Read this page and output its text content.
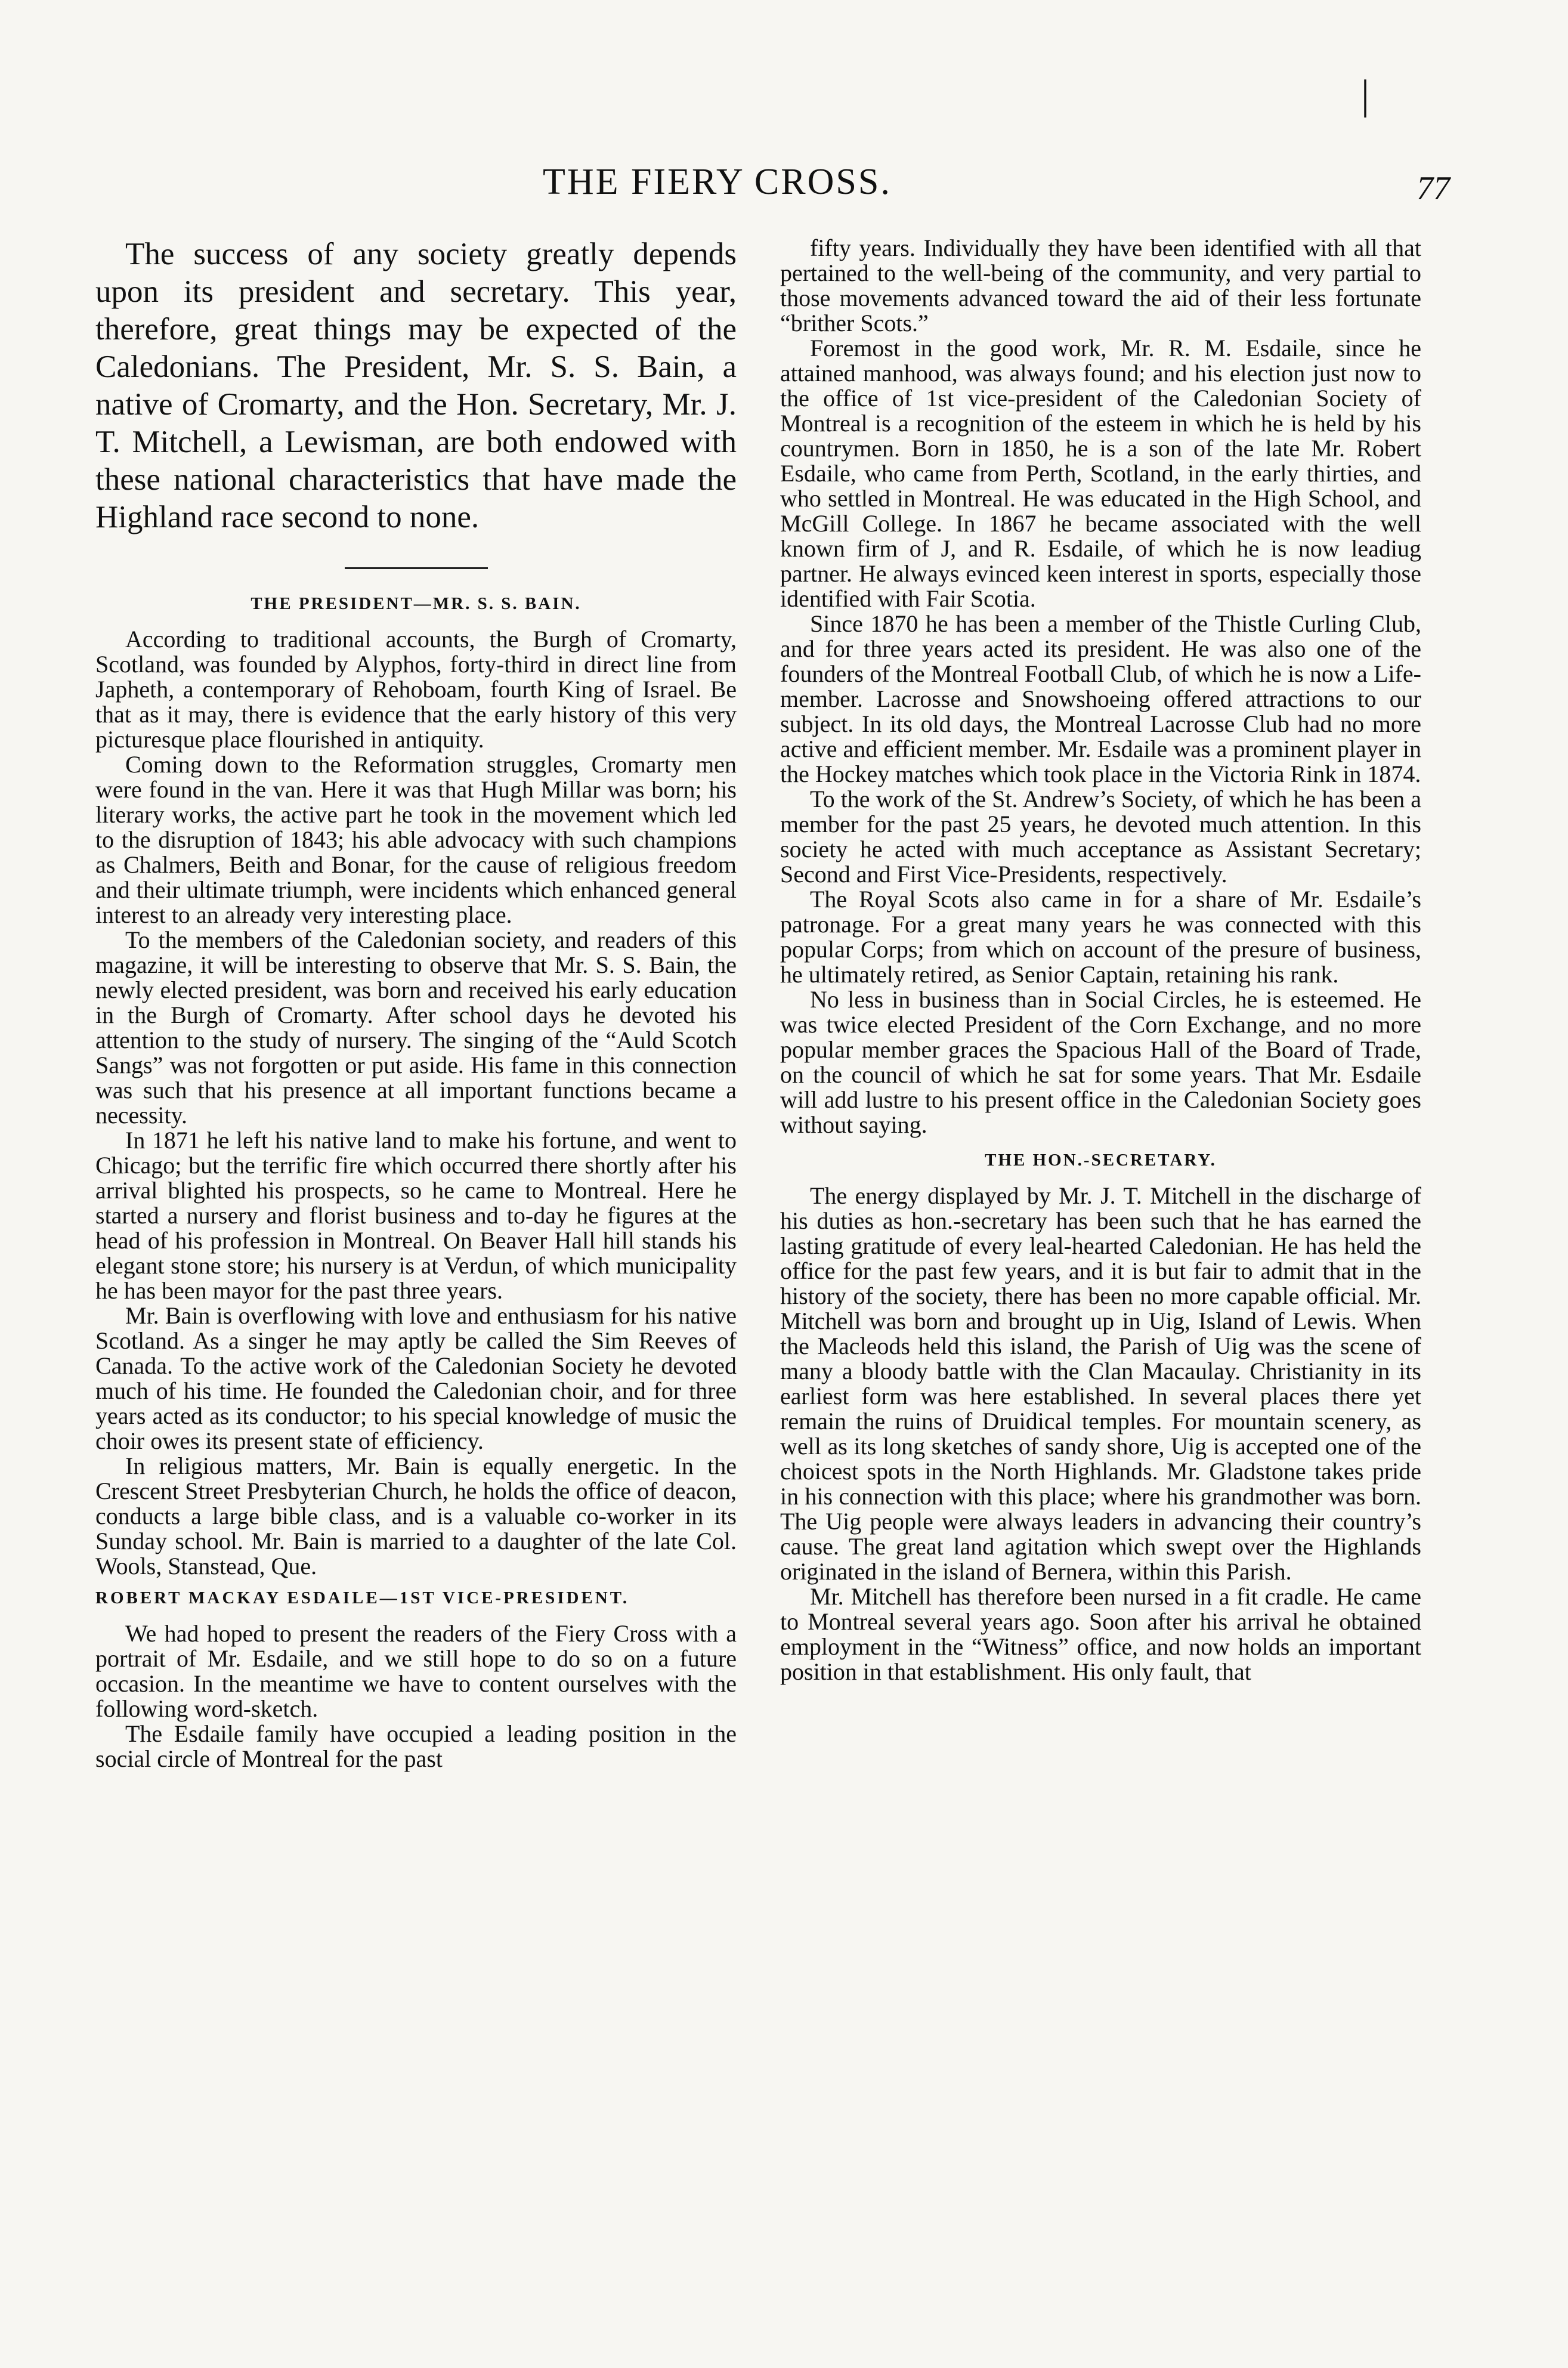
THE FIERY CROSS.	77
|

The success of any society greatly depends upon its president and secretary. This year, therefore, great things may be expected of the Caledonians. The President, Mr. S. S. Bain, a native of Cromarty, and the Hon. Secretary, Mr. J. T. Mitchell, a Lewisman, are both endowed with these national characteristics that have made the Highland race second to none.

THE PRESIDENT—MR. S. S. BAIN.

According to traditional accounts, the Burgh of Cromarty, Scotland, was founded by Alyphos, forty-third in direct line from Japheth, a contemporary of Rehoboam, fourth King of Israel. Be that as it may, there is evidence that the early history of this very picturesque place flourished in antiquity.

Coming down to the Reformation struggles, Cromarty men were found in the van. Here it was that Hugh Millar was born; his literary works, the active part he took in the movement which led to the disruption of 1843; his able advocacy with such champions as Chalmers, Beith and Bonar, for the cause of religious freedom and their ultimate triumph, were incidents which enhanced general interest to an already very interesting place.

To the members of the Caledonian society, and readers of this magazine, it will be interesting to observe that Mr. S. S. Bain, the newly elected president, was born and received his early education in the Burgh of Cromarty. After school days he devoted his attention to the study of nursery. The singing of the “Auld Scotch Sangs” was not forgotten or put aside. His fame in this connection was such that his presence at all important functions became a necessity.

In 1871 he left his native land to make his fortune, and went to Chicago; but the terrific fire which occurred there shortly after his arrival blighted his prospects, so he came to Montreal. Here he started a nursery and florist business and to-day he figures at the head of his profession in Montreal. On Beaver Hall hill stands his elegant stone store; his nursery is at Verdun, of which municipality he has been mayor for the past three years.

Mr. Bain is overflowing with love and enthusiasm for his native Scotland. As a singer he may aptly be called the Sim Reeves of Canada. To the active work of the Caledonian Society he devoted much of his time. He founded the Caledonian choir, and for three years acted as its conductor; to his special knowledge of music the choir owes its present state of efficiency.

In religious matters, Mr. Bain is equally energetic. In the Crescent Street Presbyterian Church, he holds the office of deacon, conducts a large bible class, and is a valuable co-worker in its Sunday school. Mr. Bain is married to a daughter of the late Col. Wools, Stanstead, Que.

ROBERT MACKAY ESDAILE—1ST VICE-PRESIDENT.

We had hoped to present the readers of the Fiery Cross with a portrait of Mr. Esdaile, and we still hope to do so on a future occasion. In the meantime we have to content ourselves with the following word-sketch.

The Esdaile family have occupied a leading position in the social circle of Montreal for the past

fifty years. Individually they have been identified with all that pertained to the well-being of the community, and very partial to those movements advanced toward the aid of their less fortunate “brither Scots.”

Foremost in the good work, Mr. R. M. Esdaile, since he attained manhood, was always found; and his election just now to the office of 1st vice-president of the Caledonian Society of Montreal is a recognition of the esteem in which he is held by his countrymen. Born in 1850, he is a son of the late Mr. Robert Esdaile, who came from Perth, Scotland, in the early thirties, and who settled in Montreal. He was educated in the High School, and McGill College. In 1867 he became associated with the well known firm of J, and R. Esdaile, of which he is now leadiug partner. He always evinced keen interest in sports, especially those identified with Fair Scotia.

Since 1870 he has been a member of the Thistle Curling Club, and for three years acted its president. He was also one of the founders of the Montreal Football Club, of which he is now a Life-member. Lacrosse and Snowshoeing offered attractions to our subject. In its old days, the Montreal Lacrosse Club had no more active and efficient member. Mr. Esdaile was a prominent player in the Hockey matches which took place in the Victoria Rink in 1874.

To the work of the St. Andrew’s Society, of which he has been a member for the past 25 years, he devoted much attention. In this society he acted with much acceptance as Assistant Secretary; Second and First Vice-Presidents, respectively.

The Royal Scots also came in for a share of Mr. Esdaile’s patronage. For a great many years he was connected with this popular Corps; from which on account of the presure of business, he ultimately retired, as Senior Captain, retaining his rank.

No less in business than in Social Circles, he is esteemed. He was twice elected President of the Corn Exchange, and no more popular member graces the Spacious Hall of the Board of Trade, on the council of which he sat for some years. That Mr. Esdaile will add lustre to his present office in the Caledonian Society goes without saying.

THE HON.-SECRETARY.

The energy displayed by Mr. J. T. Mitchell in the discharge of his duties as hon.-secretary has been such that he has earned the lasting gratitude of every leal-hearted Caledonian. He has held the office for the past few years, and it is but fair to admit that in the history of the society, there has been no more capable official. Mr. Mitchell was born and brought up in Uig, Island of Lewis. When the Macleods held this island, the Parish of Uig was the scene of many a bloody battle with the Clan Macaulay. Christianity in its earliest form was here established. In several places there yet remain the ruins of Druidical temples. For mountain scenery, as well as its long sketches of sandy shore, Uig is accepted one of the choicest spots in the North Highlands. Mr. Gladstone takes pride in his connection with this place; where his grandmother was born. The Uig people were always leaders in advancing their country’s cause. The great land agitation which swept over the Highlands originated in the island of Bernera, within this Parish.

Mr. Mitchell has therefore been nursed in a fit cradle. He came to Montreal several years ago. Soon after his arrival he obtained employment in the “Witness” office, and now holds an important position in that establishment. His only fault, that
